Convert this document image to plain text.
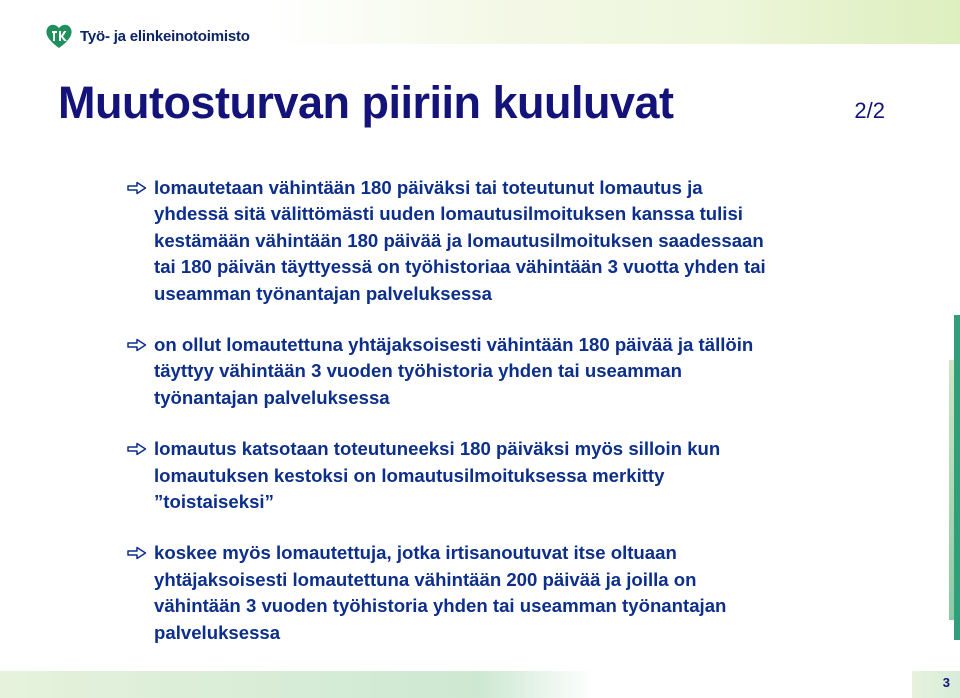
Työ- ja elinkeinotoimisto
Muutosturvan piiriin kuuluvat	2/2
lomautetaan vähintään 180 päiväksi tai toteutunut lomautus ja
yhdessä sitä välittömästi uuden lomautusilmoituksen kanssa tulisi
kestämään vähintään 180 päivää ja lomautusilmoituksen saadessaan
tai 180 päivän täyttyessä on työhistoriaa vähintään 3 vuotta yhden tai
useamman työnantajan palveluksessa
on ollut lomautettuna yhtäjaksoisesti vähintään 180 päivää ja tällöin
täyttyy vähintään 3 vuoden työhistoria yhden tai useamman
työnantajan palveluksessa
lomautus katsotaan toteutuneeksi 180 päiväksi myös silloin kun
lomautuksen kestoksi on lomautusilmoituksessa merkitty
”toistaiseksi”
koskee myös lomautettuja, jotka irtisanoutuvat itse oltuaan
yhtäjaksoisesti lomautettuna vähintään 200 päivää ja joilla on
vähintään 3 vuoden työhistoria yhden tai useamman työnantajan
palveluksessa
3
